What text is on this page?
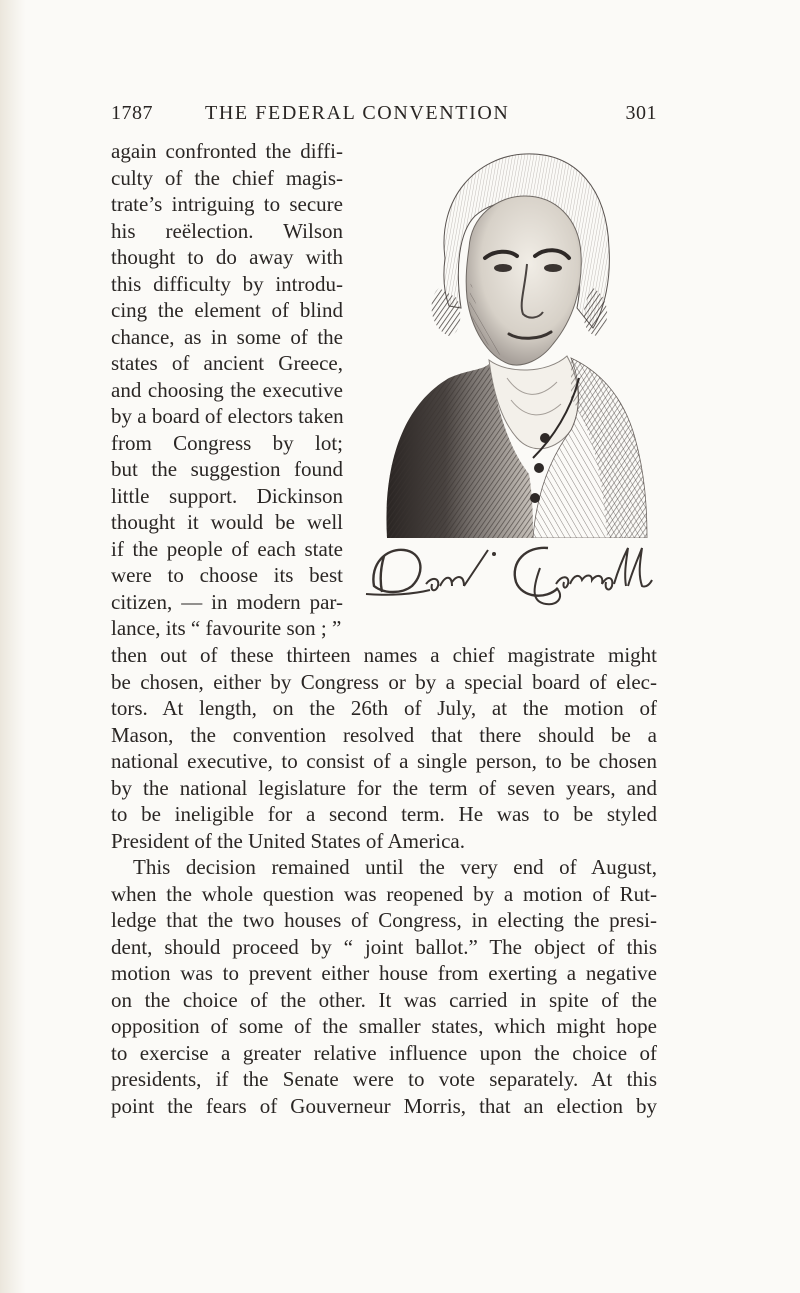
1787	THE FEDERAL CONVENTION	301
again confronted the diffi-
culty of the chief magis-
trate’s intriguing to secure
his reëlection. Wilson
thought to do away with
this difficulty by introdu-
cing the element of blind
chance, as in some of the
states of ancient Greece,
and choosing the executive
by a board of electors taken
from Congress by lot;
but the suggestion found
little support. Dickinson
thought it would be well
if the people of each state
were to choose its best
citizen, — in modern par-
lance, its “ favourite son ; ”
then out of these thirteen names a chief magistrate might
be chosen, either by Congress or by a special board of elec-
tors. At length, on the 26th of July, at the motion of
Mason, the convention resolved that there should be a
national executive, to consist of a single person, to be chosen
by the national legislature for the term of seven years, and
to be ineligible for a second term. He was to be styled
President of the United States of America.
This decision remained until the very end of August,
when the whole question was reopened by a motion of Rut-
ledge that the two houses of Congress, in electing the presi-
dent, should proceed by “ joint ballot.” The object of this
motion was to prevent either house from exerting a negative
on the choice of the other. It was carried in spite of the
opposition of some of the smaller states, which might hope
to exercise a greater relative influence upon the choice of
presidents, if the Senate were to vote separately. At this
point the fears of Gouverneur Morris, that an election by
